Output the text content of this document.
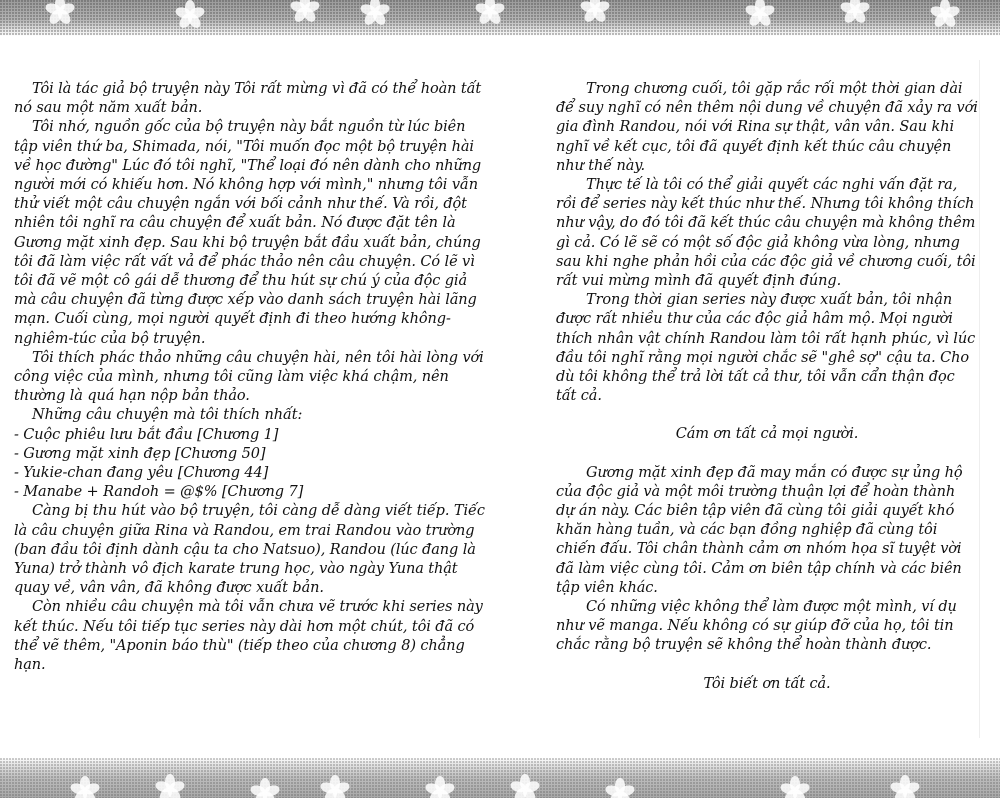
Tôi là tác giả bộ truyện này Tôi rất mừng vì đã có thể hoàn tất nó sau một năm xuất bản.

Tôi nhớ, nguồn gốc của bộ truyện này bắt nguồn từ lúc biên tập viên thứ ba, Shimada, nói, "Tôi muốn đọc một bộ truyện hài về học đường" Lúc đó tôi nghĩ, "Thể loại đó nên dành cho những người mới có khiếu hơn. Nó không hợp với mình," nhưng tôi vẫn thử viết một câu chuyện ngắn với bối cảnh như thế. Và rồi, đột nhiên tôi nghĩ ra câu chuyện để xuất bản. Nó được đặt tên là Gương mặt xinh đẹp. Sau khi bộ truyện bắt đầu xuất bản, chúng tôi đã làm việc rất vất vả để phác thảo nên câu chuyện. Có lẽ vì tôi đã vẽ một cô gái dễ thương để thu hút sự chú ý của độc giả mà câu chuyện đã từng được xếp vào danh sách truyện hài lãng mạn. Cuối cùng, mọi người quyết định đi theo hướng không-nghiêm-túc của bộ truyện.

Tôi thích phác thảo những câu chuyện hài, nên tôi hài lòng với công việc của mình, nhưng tôi cũng làm việc khá chậm, nên thường là quá hạn nộp bản thảo.

Những câu chuyện mà tôi thích nhất:

- Cuộc phiêu lưu bắt đầu [Chương 1]
- Gương mặt xinh đẹp [Chương 50]
- Yukie-chan đang yêu [Chương 44]
- Manabe + Randoh = @$% [Chương 7]

Càng bị thu hút vào bộ truyện, tôi càng dễ dàng viết tiếp. Tiếc là câu chuyện giữa Rina và Randou, em trai Randou vào trường (ban đầu tôi định dành cậu ta cho Natsuo), Randou (lúc đang là Yuna) trở thành vô địch karate trung học, vào ngày Yuna thật quay về, vân vân, đã không được xuất bản.

Còn nhiều câu chuyện mà tôi vẫn chưa vẽ trước khi series này kết thúc. Nếu tôi tiếp tục series này dài hơn một chút, tôi đã có thể vẽ thêm, "Aponin báo thù" (tiếp theo của chương 8) chẳng hạn.

Trong chương cuối, tôi gặp rắc rối một thời gian dài để suy nghĩ có nên thêm nội dung về chuyện đã xảy ra với gia đình Randou, nói với Rina sự thật, vân vân. Sau khi nghĩ về kết cục, tôi đã quyết định kết thúc câu chuyện như thế này.

Thực tế là tôi có thể giải quyết các nghi vấn đặt ra, rồi để series này kết thúc như thế. Nhưng tôi không thích như vậy, do đó tôi đã kết thúc câu chuyện mà không thêm gì cả. Có lẽ sẽ có một số độc giả không vừa lòng, nhưng sau khi nghe phản hồi của các độc giả về chương cuối, tôi rất vui mừng mình đã quyết định đúng.

Trong thời gian series này được xuất bản, tôi nhận được rất nhiều thư của các độc giả hâm mộ. Mọi người thích nhân vật chính Randou làm tôi rất hạnh phúc, vì lúc đầu tôi nghĩ rằng mọi người chắc sẽ "ghê sợ" cậu ta. Cho dù tôi không thể trả lời tất cả thư, tôi vẫn cẩn thận đọc tất cả.

Cám ơn tất cả mọi người.

Gương mặt xinh đẹp đã may mắn có được sự ủng hộ của độc giả và một môi trường thuận lợi để hoàn thành dự án này. Các biên tập viên đã cùng tôi giải quyết khó khăn hàng tuần, và các bạn đồng nghiệp đã cùng tôi chiến đấu. Tôi chân thành cảm ơn nhóm họa sĩ tuyệt vời đã làm việc cùng tôi. Cảm ơn biên tập chính và các biên tập viên khác.

Có những việc không thể làm được một mình, ví dụ như vẽ manga. Nếu không có sự giúp đỡ của họ, tôi tin chắc rằng bộ truyện sẽ không thể hoàn thành được.

Tôi biết ơn tất cả.
